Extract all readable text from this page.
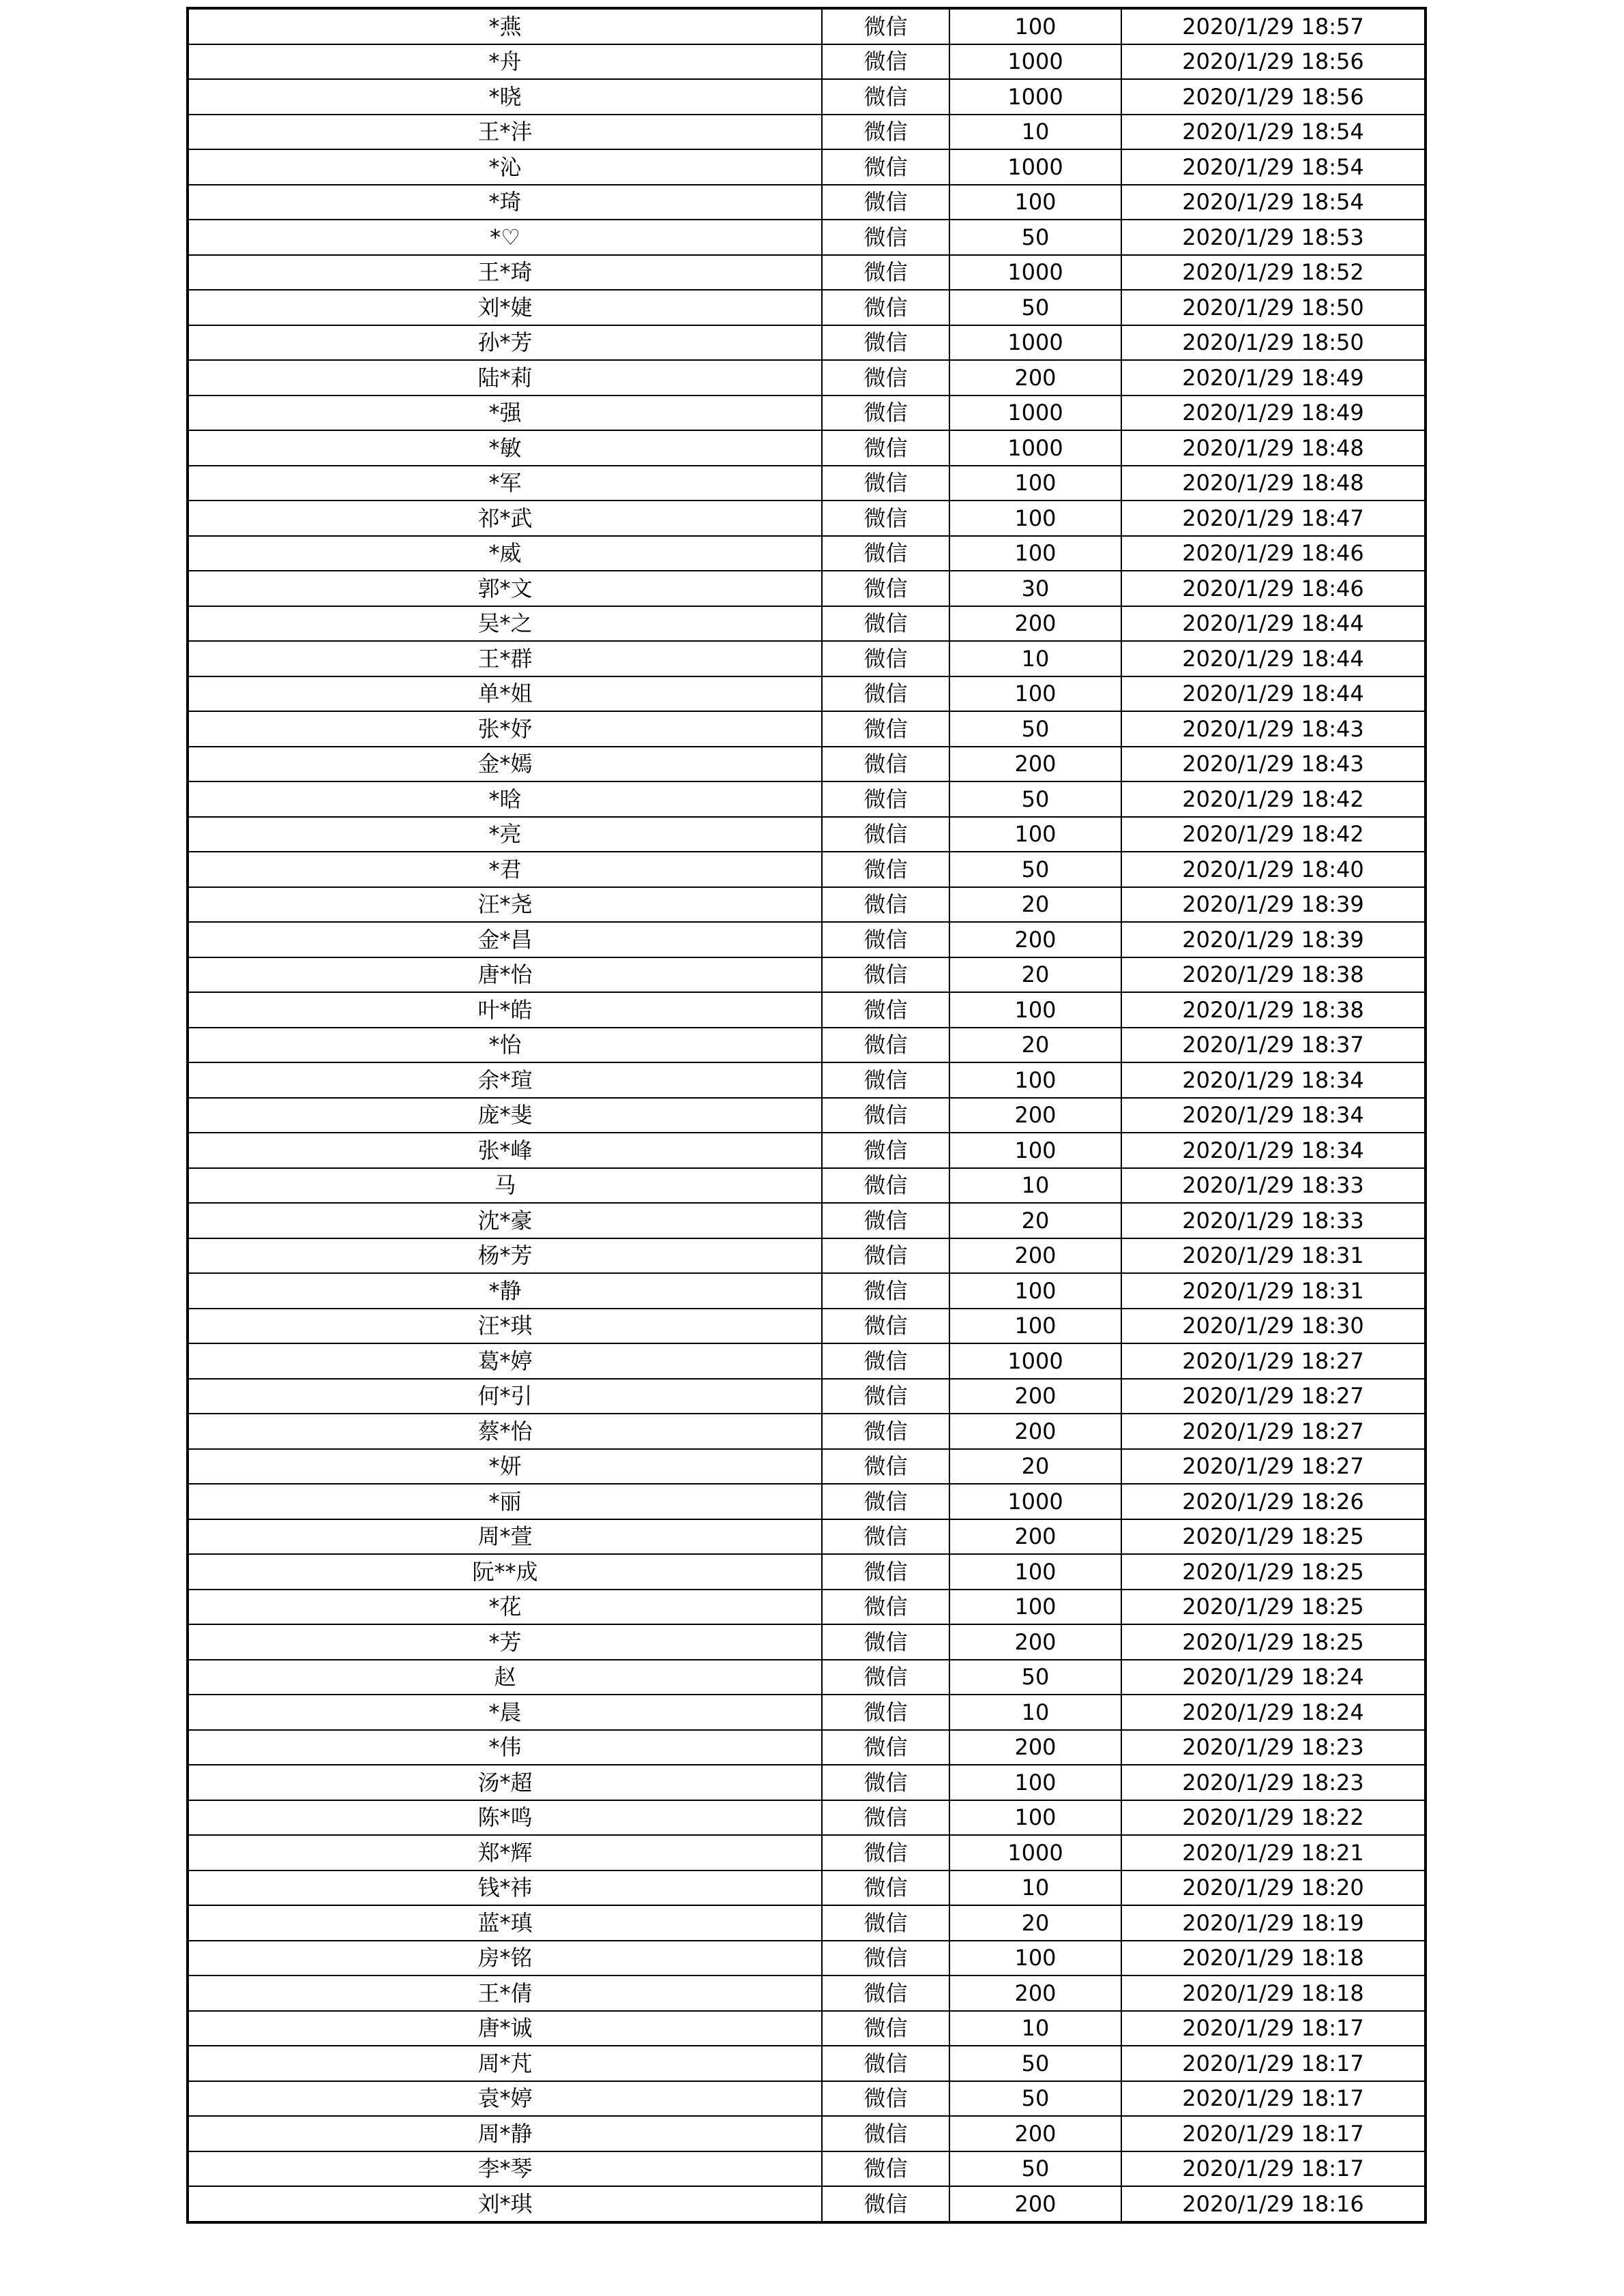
*燕	微信	100	2020/1/29 18:57
*舟	微信	1000	2020/1/29 18:56
*晓	微信	1000	2020/1/29 18:56
王*沣	微信	10	2020/1/29 18:54
*沁	微信	1000	2020/1/29 18:54
*琦	微信	100	2020/1/29 18:54
*♡	微信	50	2020/1/29 18:53
王*琦	微信	1000	2020/1/29 18:52
刘*婕	微信	50	2020/1/29 18:50
孙*芳	微信	1000	2020/1/29 18:50
陆*莉	微信	200	2020/1/29 18:49
*强	微信	1000	2020/1/29 18:49
*敏	微信	1000	2020/1/29 18:48
*军	微信	100	2020/1/29 18:48
祁*武	微信	100	2020/1/29 18:47
*威	微信	100	2020/1/29 18:46
郭*文	微信	30	2020/1/29 18:46
吴*之	微信	200	2020/1/29 18:44
王*群	微信	10	2020/1/29 18:44
单*姐	微信	100	2020/1/29 18:44
张*妤	微信	50	2020/1/29 18:43
金*嫣	微信	200	2020/1/29 18:43
*晗	微信	50	2020/1/29 18:42
*亮	微信	100	2020/1/29 18:42
*君	微信	50	2020/1/29 18:40
汪*尧	微信	20	2020/1/29 18:39
金*昌	微信	200	2020/1/29 18:39
唐*怡	微信	20	2020/1/29 18:38
叶*皓	微信	100	2020/1/29 18:38
*怡	微信	20	2020/1/29 18:37
余*瑄	微信	100	2020/1/29 18:34
庞*斐	微信	200	2020/1/29 18:34
张*峰	微信	100	2020/1/29 18:34
马	微信	10	2020/1/29 18:33
沈*豪	微信	20	2020/1/29 18:33
杨*芳	微信	200	2020/1/29 18:31
*静	微信	100	2020/1/29 18:31
汪*琪	微信	100	2020/1/29 18:30
葛*婷	微信	1000	2020/1/29 18:27
何*引	微信	200	2020/1/29 18:27
蔡*怡	微信	200	2020/1/29 18:27
*妍	微信	20	2020/1/29 18:27
*丽	微信	1000	2020/1/29 18:26
周*萱	微信	200	2020/1/29 18:25
阮**成	微信	100	2020/1/29 18:25
*花	微信	100	2020/1/29 18:25
*芳	微信	200	2020/1/29 18:25
赵	微信	50	2020/1/29 18:24
*晨	微信	10	2020/1/29 18:24
*伟	微信	200	2020/1/29 18:23
汤*超	微信	100	2020/1/29 18:23
陈*鸣	微信	100	2020/1/29 18:22
郑*辉	微信	1000	2020/1/29 18:21
钱*祎	微信	10	2020/1/29 18:20
蓝*瑱	微信	20	2020/1/29 18:19
房*铭	微信	100	2020/1/29 18:18
王*倩	微信	200	2020/1/29 18:18
唐*诚	微信	10	2020/1/29 18:17
周*芃	微信	50	2020/1/29 18:17
袁*婷	微信	50	2020/1/29 18:17
周*静	微信	200	2020/1/29 18:17
李*琴	微信	50	2020/1/29 18:17
刘*琪	微信	200	2020/1/29 18:16
